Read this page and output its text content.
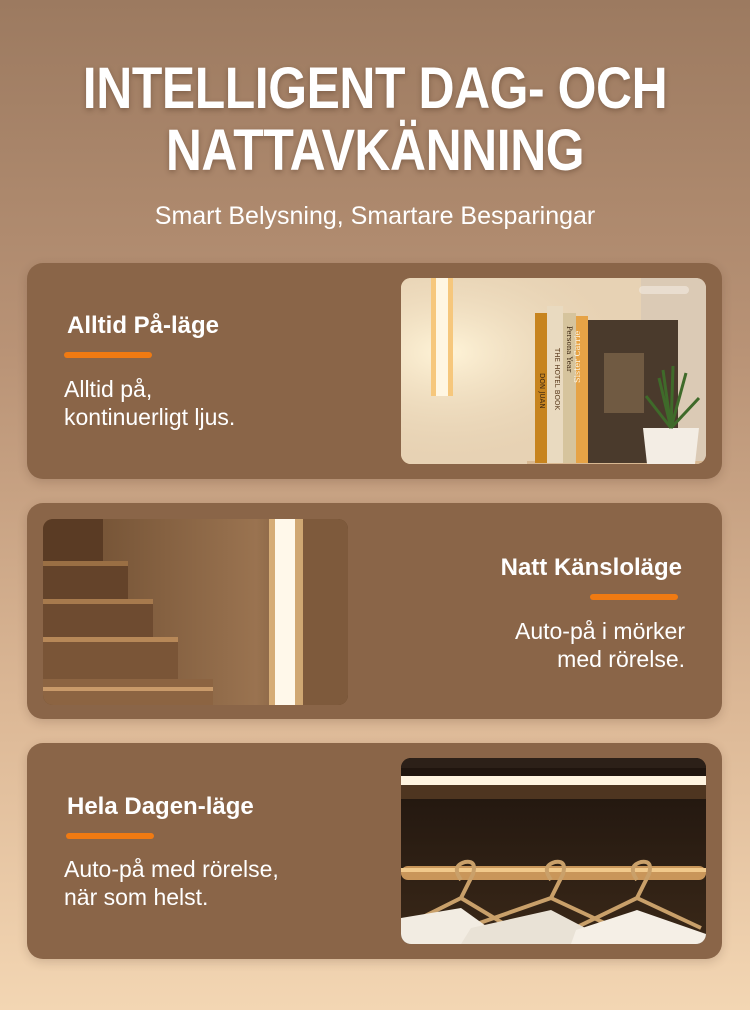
INTELLIGENT DAG- OCH
NATTAVKÄNNING
Smart Belysning, Smartare Besparingar
Alltid På-läge
Alltid på,
kontinuerligt ljus.
THE HOTEL BOOK
DON JUAN
Persona Year Sister Carrie
Natt Känsloläge
Auto-på i mörker
med rörelse.
Hela Dagen-läge
Auto-på med rörelse,
när som helst.
